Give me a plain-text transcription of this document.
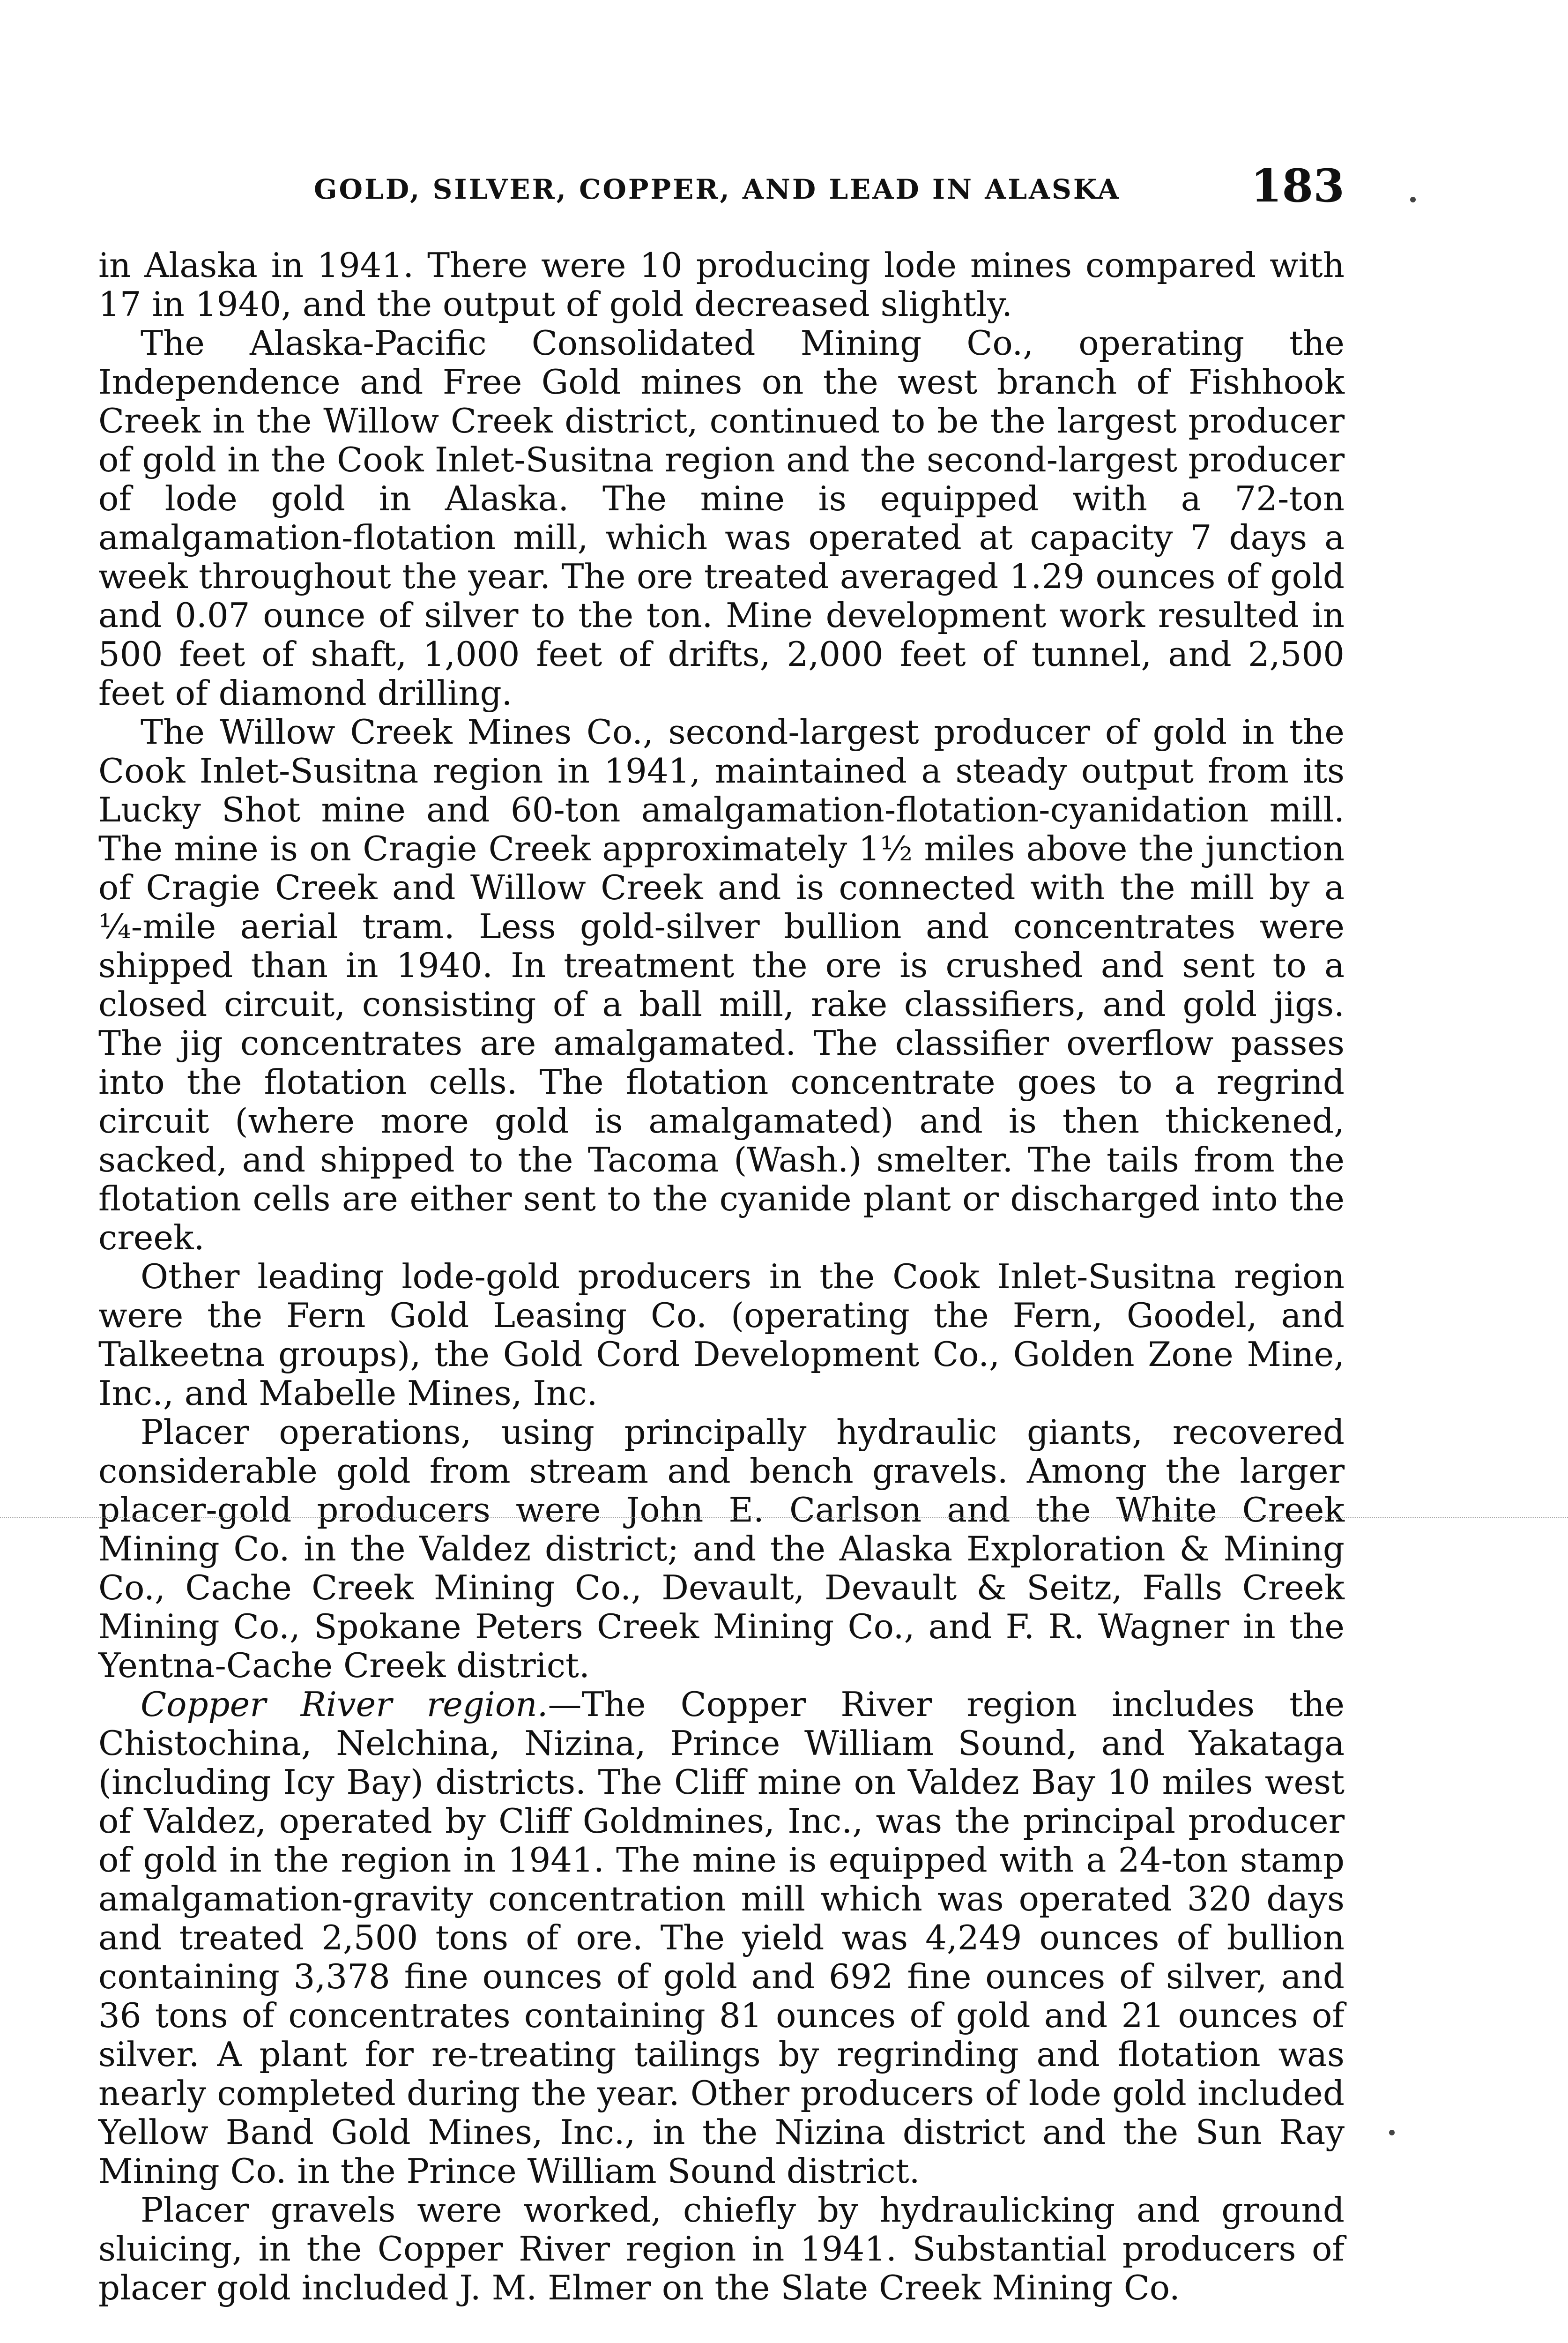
GOLD, SILVER, COPPER, AND LEAD IN ALASKA	183

in Alaska in 1941. There were 10 producing lode mines compared with 17 in 1940, and the output of gold decreased slightly.

The Alaska-Pacific Consolidated Mining Co., operating the Independence and Free Gold mines on the west branch of Fishhook Creek in the Willow Creek district, continued to be the largest producer of gold in the Cook Inlet-Susitna region and the second-largest producer of lode gold in Alaska. The mine is equipped with a 72-ton amalgamation-flotation mill, which was operated at capacity 7 days a week throughout the year. The ore treated averaged 1.29 ounces of gold and 0.07 ounce of silver to the ton. Mine development work resulted in 500 feet of shaft, 1,000 feet of drifts, 2,000 feet of tunnel, and 2,500 feet of diamond drilling.

The Willow Creek Mines Co., second-largest producer of gold in the Cook Inlet-Susitna region in 1941, maintained a steady output from its Lucky Shot mine and 60-ton amalgamation-flotation-cyanidation mill. The mine is on Cragie Creek approximately 1½ miles above the junction of Cragie Creek and Willow Creek and is connected with the mill by a ¼-mile aerial tram. Less gold-silver bullion and concentrates were shipped than in 1940. In treatment the ore is crushed and sent to a closed circuit, consisting of a ball mill, rake classifiers, and gold jigs. The jig concentrates are amalgamated. The classifier overflow passes into the flotation cells. The flotation concentrate goes to a regrind circuit (where more gold is amalgamated) and is then thickened, sacked, and shipped to the Tacoma (Wash.) smelter. The tails from the flotation cells are either sent to the cyanide plant or discharged into the creek.

Other leading lode-gold producers in the Cook Inlet-Susitna region were the Fern Gold Leasing Co. (operating the Fern, Goodel, and Talkeetna groups), the Gold Cord Development Co., Golden Zone Mine, Inc., and Mabelle Mines, Inc.

Placer operations, using principally hydraulic giants, recovered considerable gold from stream and bench gravels. Among the larger placer-gold producers were John E. Carlson and the White Creek Mining Co. in the Valdez district; and the Alaska Exploration & Mining Co., Cache Creek Mining Co., Devault, Devault & Seitz, Falls Creek Mining Co., Spokane Peters Creek Mining Co., and F. R. Wagner in the Yentna-Cache Creek district.

Copper River region.—The Copper River region includes the Chistochina, Nelchina, Nizina, Prince William Sound, and Yakataga (including Icy Bay) districts. The Cliff mine on Valdez Bay 10 miles west of Valdez, operated by Cliff Goldmines, Inc., was the principal producer of gold in the region in 1941. The mine is equipped with a 24-ton stamp amalgamation-gravity concentration mill which was operated 320 days and treated 2,500 tons of ore. The yield was 4,249 ounces of bullion containing 3,378 fine ounces of gold and 692 fine ounces of silver, and 36 tons of concentrates containing 81 ounces of gold and 21 ounces of silver. A plant for re-treating tailings by regrinding and flotation was nearly completed during the year. Other producers of lode gold included Yellow Band Gold Mines, Inc., in the Nizina district and the Sun Ray Mining Co. in the Prince William Sound district.

Placer gravels were worked, chiefly by hydraulicking and ground sluicing, in the Copper River region in 1941. Substantial producers of placer gold included J. M. Elmer on the Slate Creek Mining Co.
